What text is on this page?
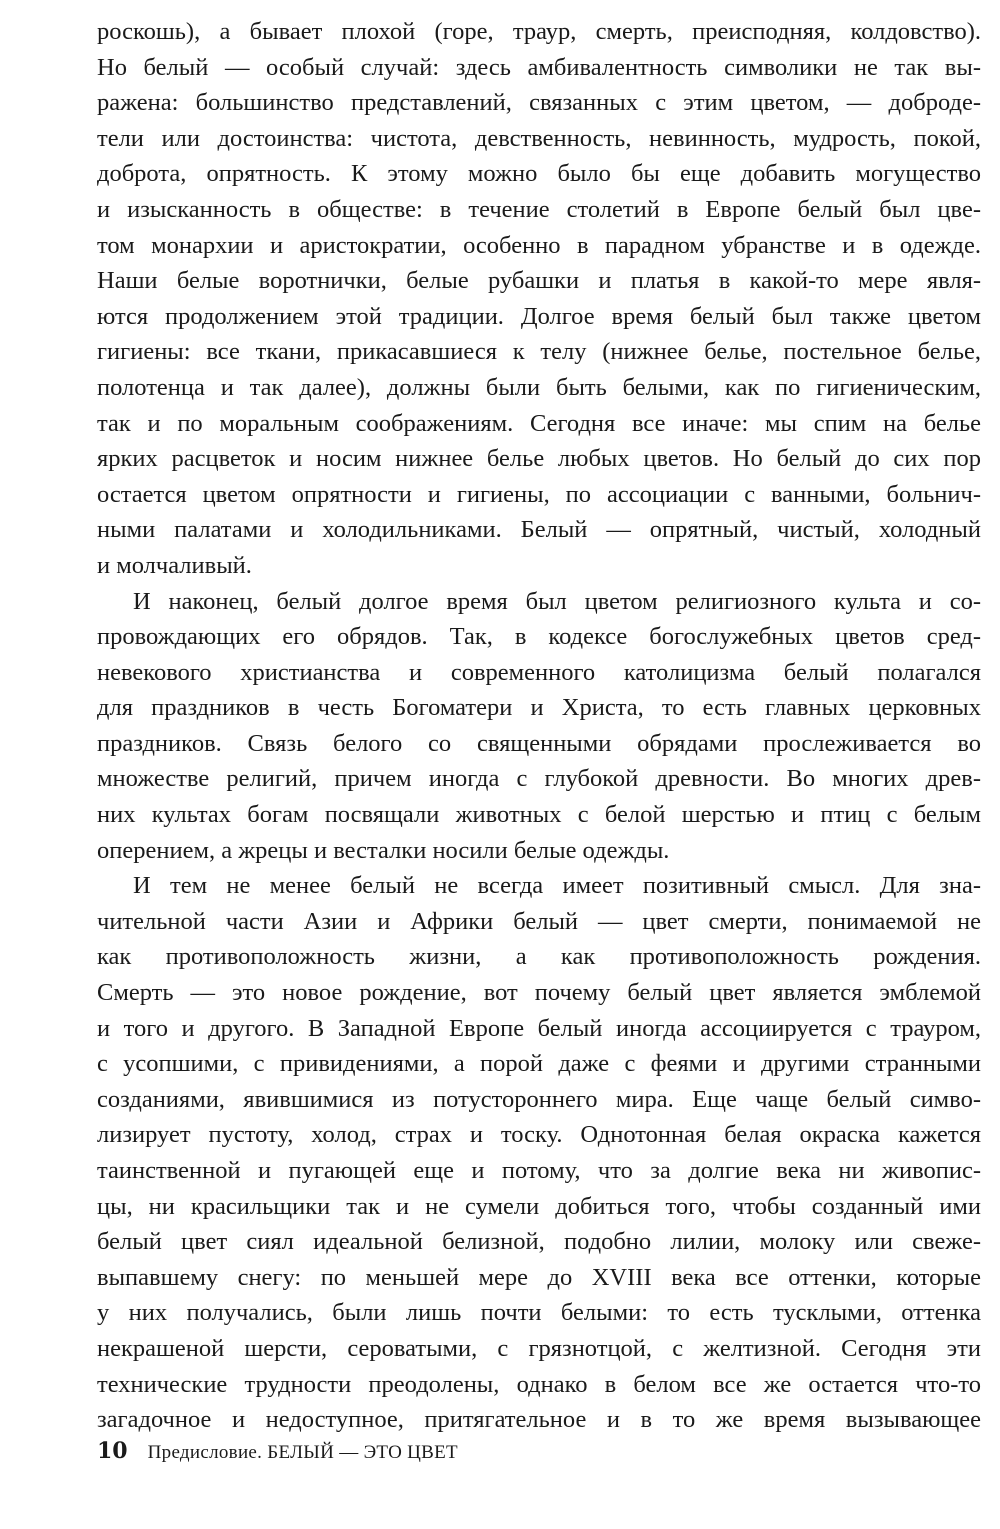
роскошь), а бывает плохой (горе, траур, смерть, преисподняя, колдовство).
Но белый — особый случай: здесь амбивалентность символики не так вы-
ражена: большинство представлений, связанных с этим цветом, — доброде-
тели или достоинства: чистота, девственность, невинность, мудрость, покой,
доброта, опрятность. К этому можно было бы еще добавить могущество
и изысканность в обществе: в течение столетий в Европе белый был цве-
том монархии и аристократии, особенно в парадном убранстве и в одежде.
Наши белые воротнички, белые рубашки и платья в какой-то мере явля-
ются продолжением этой традиции. Долгое время белый был также цветом
гигиены: все ткани, прикасавшиеся к телу (нижнее белье, постельное белье,
полотенца и так далее), должны были быть белыми, как по гигиеническим,
так и по моральным соображениям. Сегодня все иначе: мы спим на белье
ярких расцветок и носим нижнее белье любых цветов. Но белый до сих пор
остается цветом опрятности и гигиены, по ассоциации с ванными, больнич-
ными палатами и холодильниками. Белый — опрятный, чистый, холодный
и молчаливый.
И наконец, белый долгое время был цветом религиозного культа и со-
провождающих его обрядов. Так, в кодексе богослужебных цветов сред-
невекового христианства и современного католицизма белый полагался
для праздников в честь Богоматери и Христа, то есть главных церковных
праздников. Связь белого со священными обрядами прослеживается во
множестве религий, причем иногда с глубокой древности. Во многих древ-
них культах богам посвящали животных с белой шерстью и птиц с белым
оперением, а жрецы и весталки носили белые одежды.
И тем не менее белый не всегда имеет позитивный смысл. Для зна-
чительной части Азии и Африки белый — цвет смерти, понимаемой не
как противоположность жизни, а как противоположность рождения.
Смерть — это новое рождение, вот почему белый цвет является эмблемой
и того и другого. В Западной Европе белый иногда ассоциируется с трауром,
с усопшими, с привидениями, а порой даже с феями и другими странными
созданиями, явившимися из потустороннего мира. Еще чаще белый симво-
лизирует пустоту, холод, страх и тоску. Однотонная белая окраска кажется
таинственной и пугающей еще и потому, что за долгие века ни живопис-
цы, ни красильщики так и не сумели добиться того, чтобы созданный ими
белый цвет сиял идеальной белизной, подобно лилии, молоку или свеже-
выпавшему снегу: по меньшей мере до XVIII века все оттенки, которые
у них получались, были лишь почти белыми: то есть тусклыми, оттенка
некрашеной шерсти, сероватыми, с грязнотцой, с желтизной. Сегодня эти
технические трудности преодолены, однако в белом все же остается что-то
загадочное и недоступное, притягательное и в то же время вызывающее
10 Предисловие. БЕЛЫЙ — ЭТО ЦВЕТ
